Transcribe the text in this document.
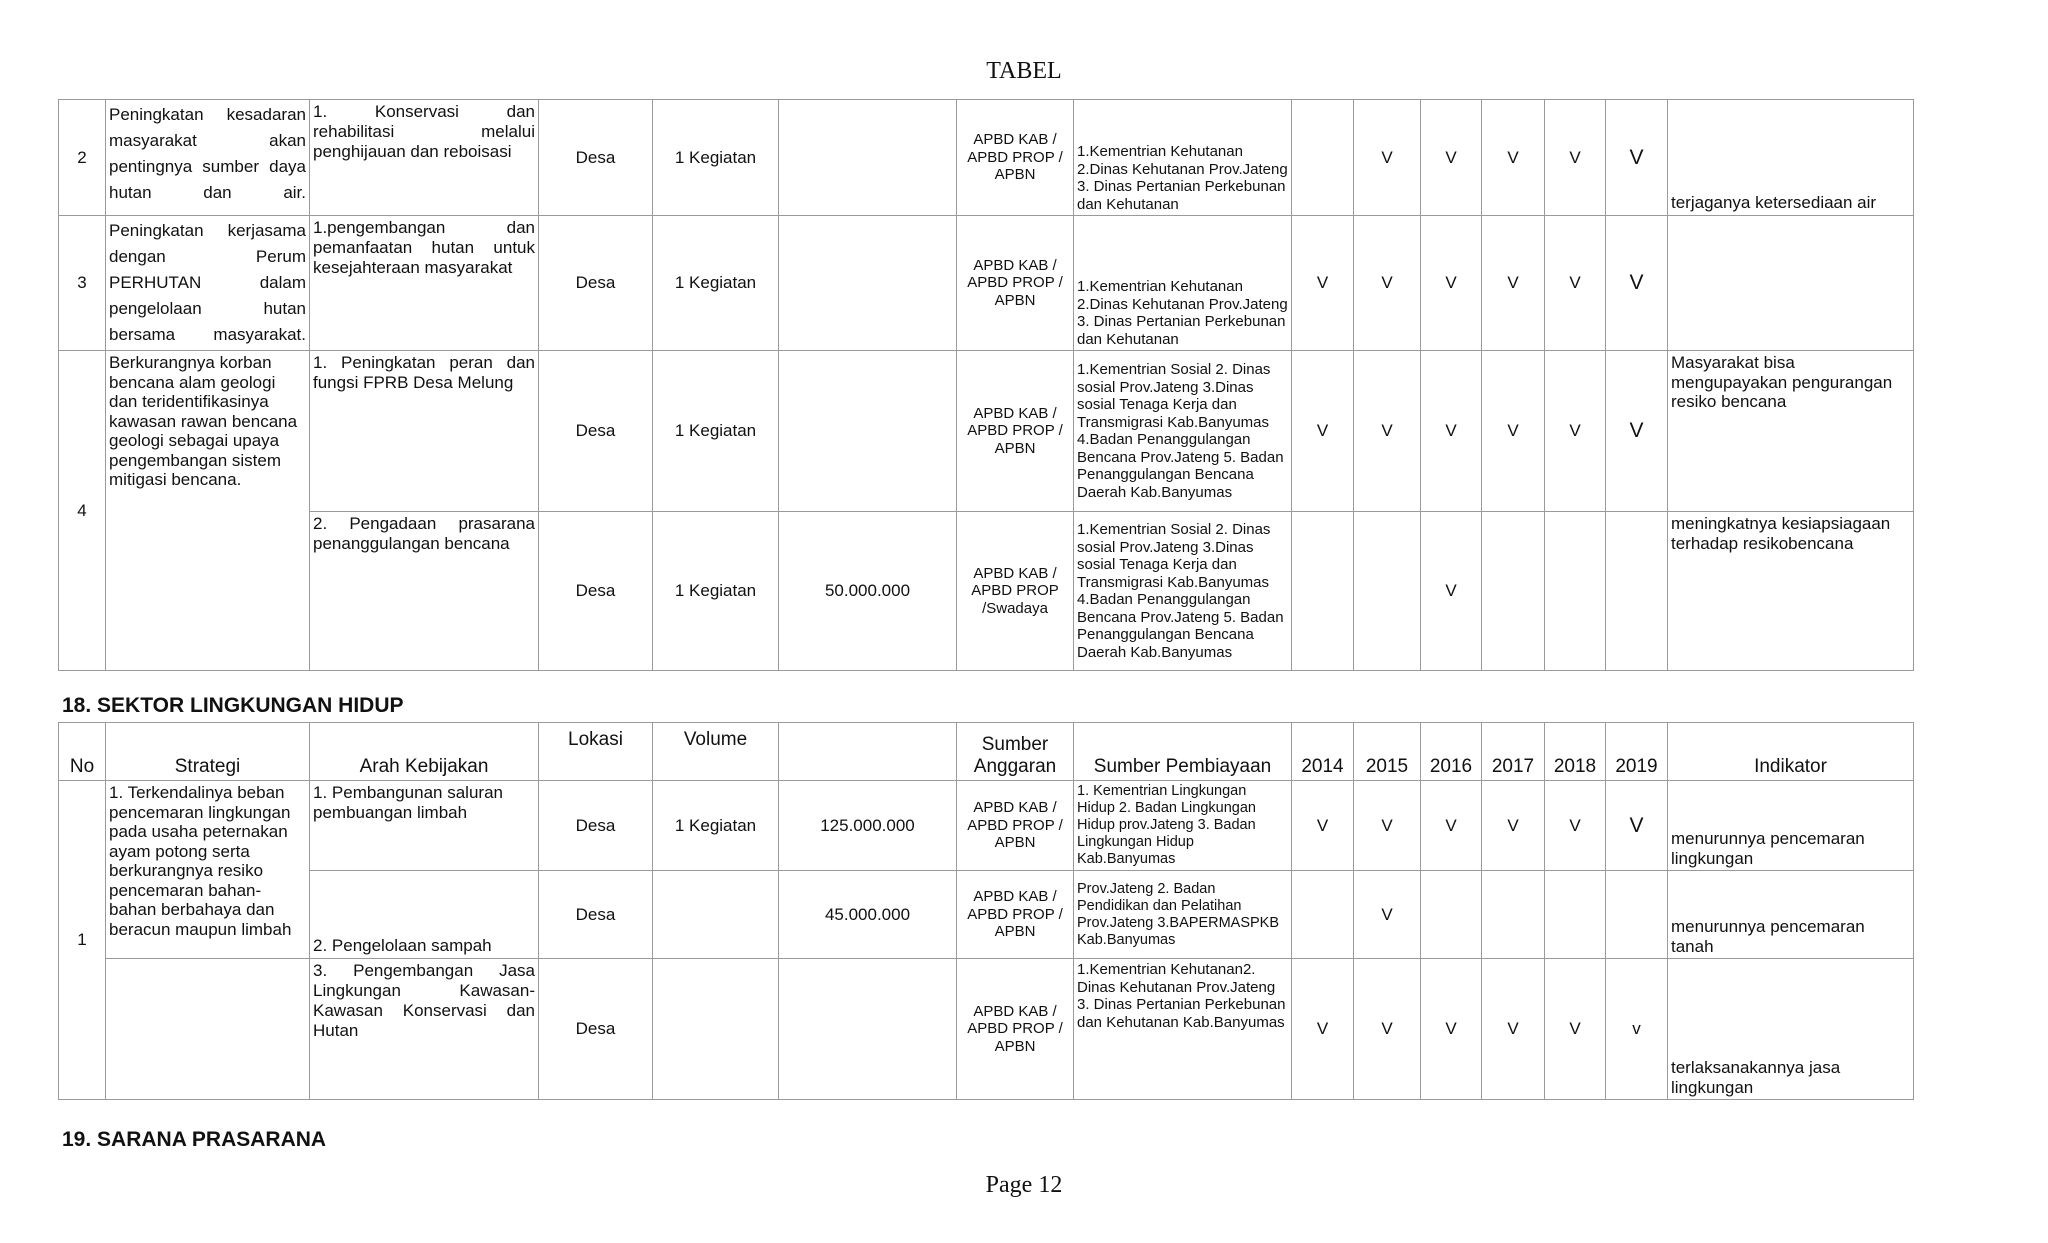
TABEL
2	Peningkatan kesadaran masyarakat akan pentingnya sumber daya hutan dan air.	1. Konservasi dan rehabilitasi melalui penghijauan dan reboisasi	Desa	1 Kegiatan		APBD KAB / APBD PROP / APBN	1.Kementrian Kehutanan 2.Dinas Kehutanan Prov.Jateng 3. Dinas Pertanian Perkebunan dan Kehutanan		V	V	V	V	V	terjaganya ketersediaan air
3	Peningkatan kerjasama dengan Perum PERHUTAN dalam pengelolaan hutan bersama masyarakat.	1.pengembangan dan pemanfaatan hutan untuk kesejahteraan masyarakat	Desa	1 Kegiatan		APBD KAB / APBD PROP / APBN	1.Kementrian Kehutanan 2.Dinas Kehutanan Prov.Jateng 3. Dinas Pertanian Perkebunan dan Kehutanan	V	V	V	V	V	V	
4	Berkurangnya korban bencana alam geologi dan teridentifikasinya kawasan rawan bencana geologi sebagai upaya pengembangan sistem mitigasi bencana.	1. Peningkatan peran dan fungsi FPRB Desa Melung	Desa	1 Kegiatan		APBD KAB / APBD PROP / APBN	1.Kementrian Sosial 2. Dinas sosial Prov.Jateng 3.Dinas sosial Tenaga Kerja dan Transmigrasi Kab.Banyumas 4.Badan Penanggulangan Bencana Prov.Jateng 5. Badan Penanggulangan Bencana Daerah Kab.Banyumas	V	V	V	V	V	V	Masyarakat bisa mengupayakan pengurangan resiko bencana
		2. Pengadaan prasarana penanggulangan bencana	Desa	1 Kegiatan	50.000.000	APBD KAB / APBD PROP /Swadaya	1.Kementrian Sosial 2. Dinas sosial Prov.Jateng 3.Dinas sosial Tenaga Kerja dan Transmigrasi Kab.Banyumas 4.Badan Penanggulangan Bencana Prov.Jateng 5. Badan Penanggulangan Bencana Daerah Kab.Banyumas			V				meningkatnya kesiapsiagaan terhadap resikobencana
18. SEKTOR LINGKUNGAN HIDUP
No	Strategi	Arah Kebijakan	Lokasi	Volume		Sumber Anggaran	Sumber Pembiayaan	2014	2015	2016	2017	2018	2019	Indikator
1	1. Terkendalinya beban pencemaran lingkungan pada usaha peternakan ayam potong serta berkurangnya resiko pencemaran bahan-bahan berbahaya dan beracun maupun limbah	1. Pembangunan saluran pembuangan limbah	Desa	1 Kegiatan	125.000.000	APBD KAB / APBD PROP / APBN	1. Kementrian Lingkungan Hidup 2. Badan Lingkungan Hidup prov.Jateng 3. Badan Lingkungan Hidup Kab.Banyumas	V	V	V	V	V	V	menurunnya pencemaran lingkungan
		2. Pengelolaan sampah	Desa		45.000.000	APBD KAB / APBD PROP / APBN	Prov.Jateng 2. Badan Pendidikan dan Pelatihan Prov.Jateng 3.BAPERMASPKB Kab.Banyumas		V					menurunnya pencemaran tanah
		3. Pengembangan Jasa Lingkungan Kawasan-Kawasan Konservasi dan Hutan	Desa			APBD KAB / APBD PROP / APBN	1.Kementrian Kehutanan2. Dinas Kehutanan Prov.Jateng 3. Dinas Pertanian Perkebunan dan Kehutanan Kab.Banyumas	V	V	V	V	V	v	terlaksanakannya jasa lingkungan
19. SARANA PRASARANA
Page 12
